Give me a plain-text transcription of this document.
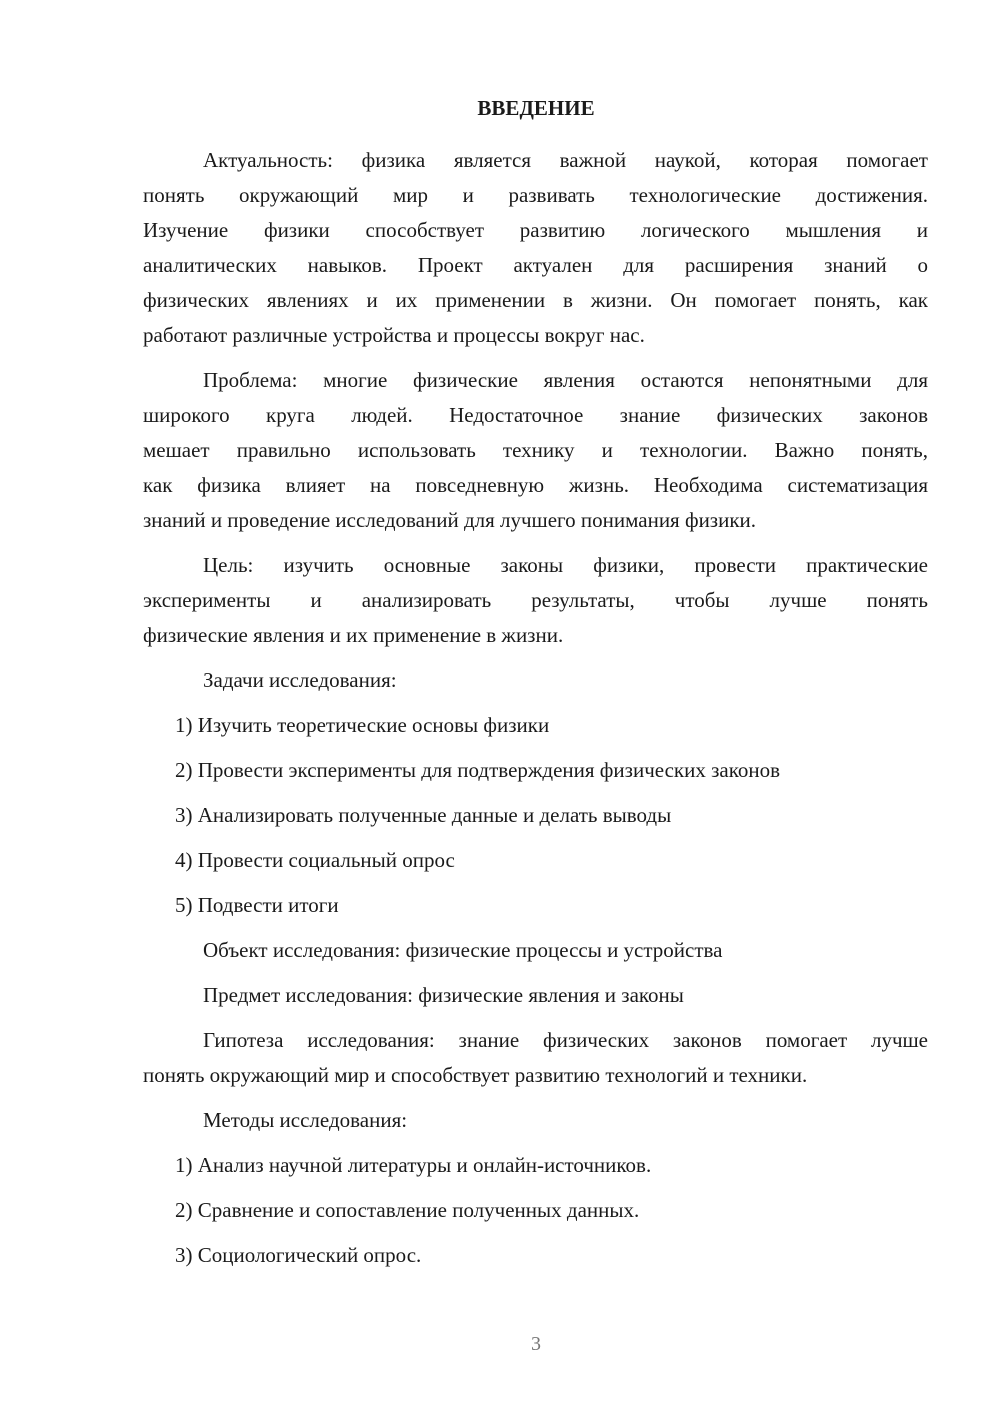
ВВЕДЕНИЕ
Актуальность: физика является важной наукой, которая помогает
понять окружающий мир и развивать технологические достижения.
Изучение физики способствует развитию логического мышления и
аналитических навыков. Проект актуален для расширения знаний о
физических явлениях и их применении в жизни. Он помогает понять, как
работают различные устройства и процессы вокруг нас.
Проблема: многие физические явления остаются непонятными для
широкого круга людей. Недостаточное знание физических законов
мешает правильно использовать технику и технологии. Важно понять,
как физика влияет на повседневную жизнь. Необходима систематизация
знаний и проведение исследований для лучшего понимания физики.
Цель: изучить основные законы физики, провести практические
эксперименты и анализировать результаты, чтобы лучше понять
физические явления и их применение в жизни.
Задачи исследования:
1) Изучить теоретические основы физики
2) Провести эксперименты для подтверждения физических законов
3) Анализировать полученные данные и делать выводы
4) Провести социальный опрос
5) Подвести итоги
Объект исследования: физические процессы и устройства
Предмет исследования: физические явления и законы
Гипотеза исследования: знание физических законов помогает лучше
понять окружающий мир и способствует развитию технологий и техники.
Методы исследования:
1) Анализ научной литературы и онлайн-источников.
2) Сравнение и сопоставление полученных данных.
3) Социологический опрос.
3
